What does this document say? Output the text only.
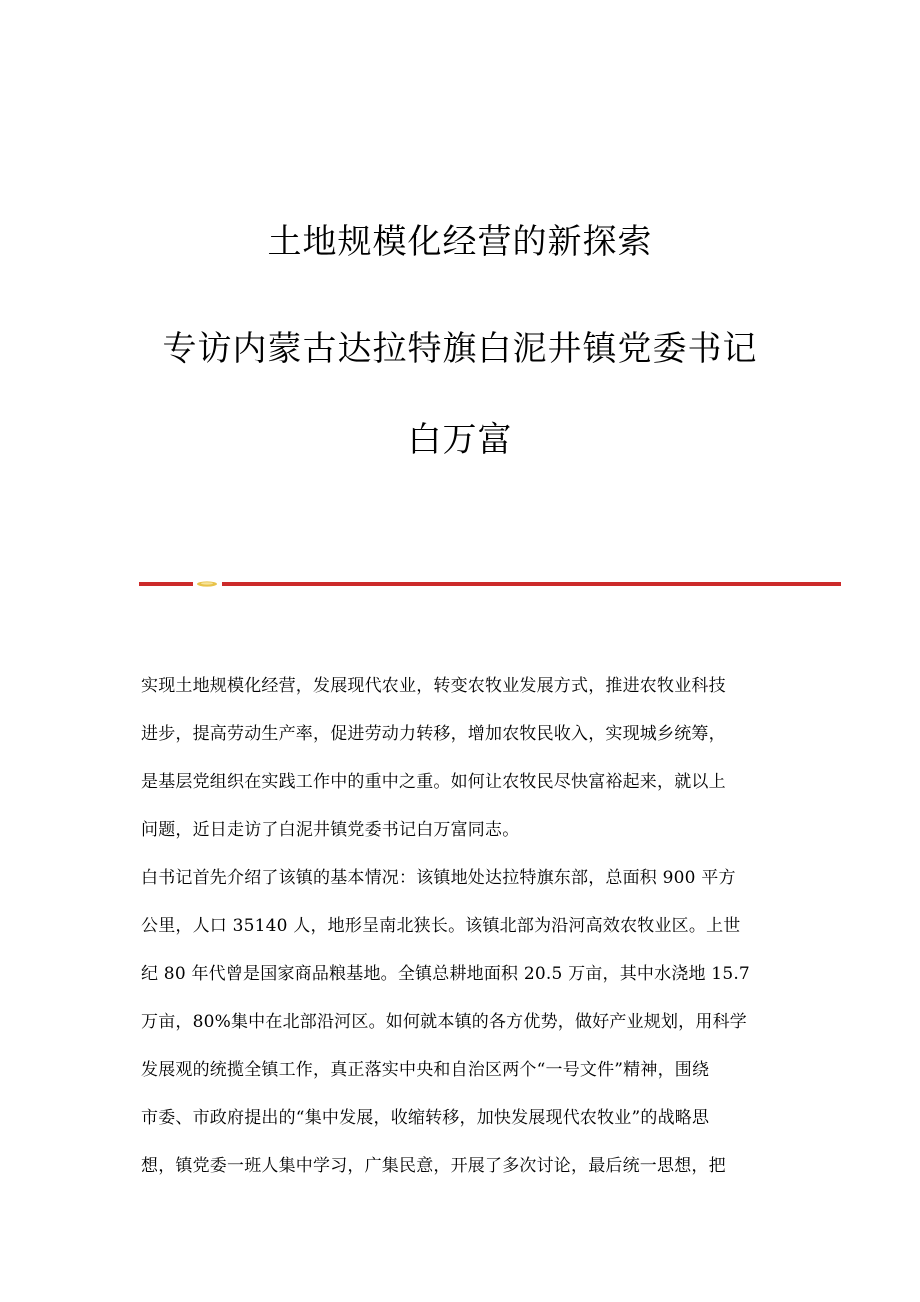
土地规模化经营的新探索
专访内蒙古达拉特旗白泥井镇党委书记
白万富
实现土地规模化经营，发展现代农业，转变农牧业发展方式，推进农牧业科技
进步，提高劳动生产率，促进劳动力转移，增加农牧民收入，实现城乡统筹，
是基层党组织在实践工作中的重中之重。如何让农牧民尽快富裕起来，就以上
问题，近日走访了白泥井镇党委书记白万富同志。
白书记首先介绍了该镇的基本情况：该镇地处达拉特旗东部，总面积 900 平方
公里，人口 35140 人，地形呈南北狭长。该镇北部为沿河高效农牧业区。上世
纪 80 年代曾是国家商品粮基地。全镇总耕地面积 20.5 万亩，其中水浇地 15.7
万亩，80%集中在北部沿河区。如何就本镇的各方优势，做好产业规划，用科学
发展观的统揽全镇工作，真正落实中央和自治区两个“一号文件”精神，围绕
市委、市政府提出的“集中发展，收缩转移，加快发展现代农牧业”的战略思
想，镇党委一班人集中学习，广集民意，开展了多次讨论，最后统一思想，把
